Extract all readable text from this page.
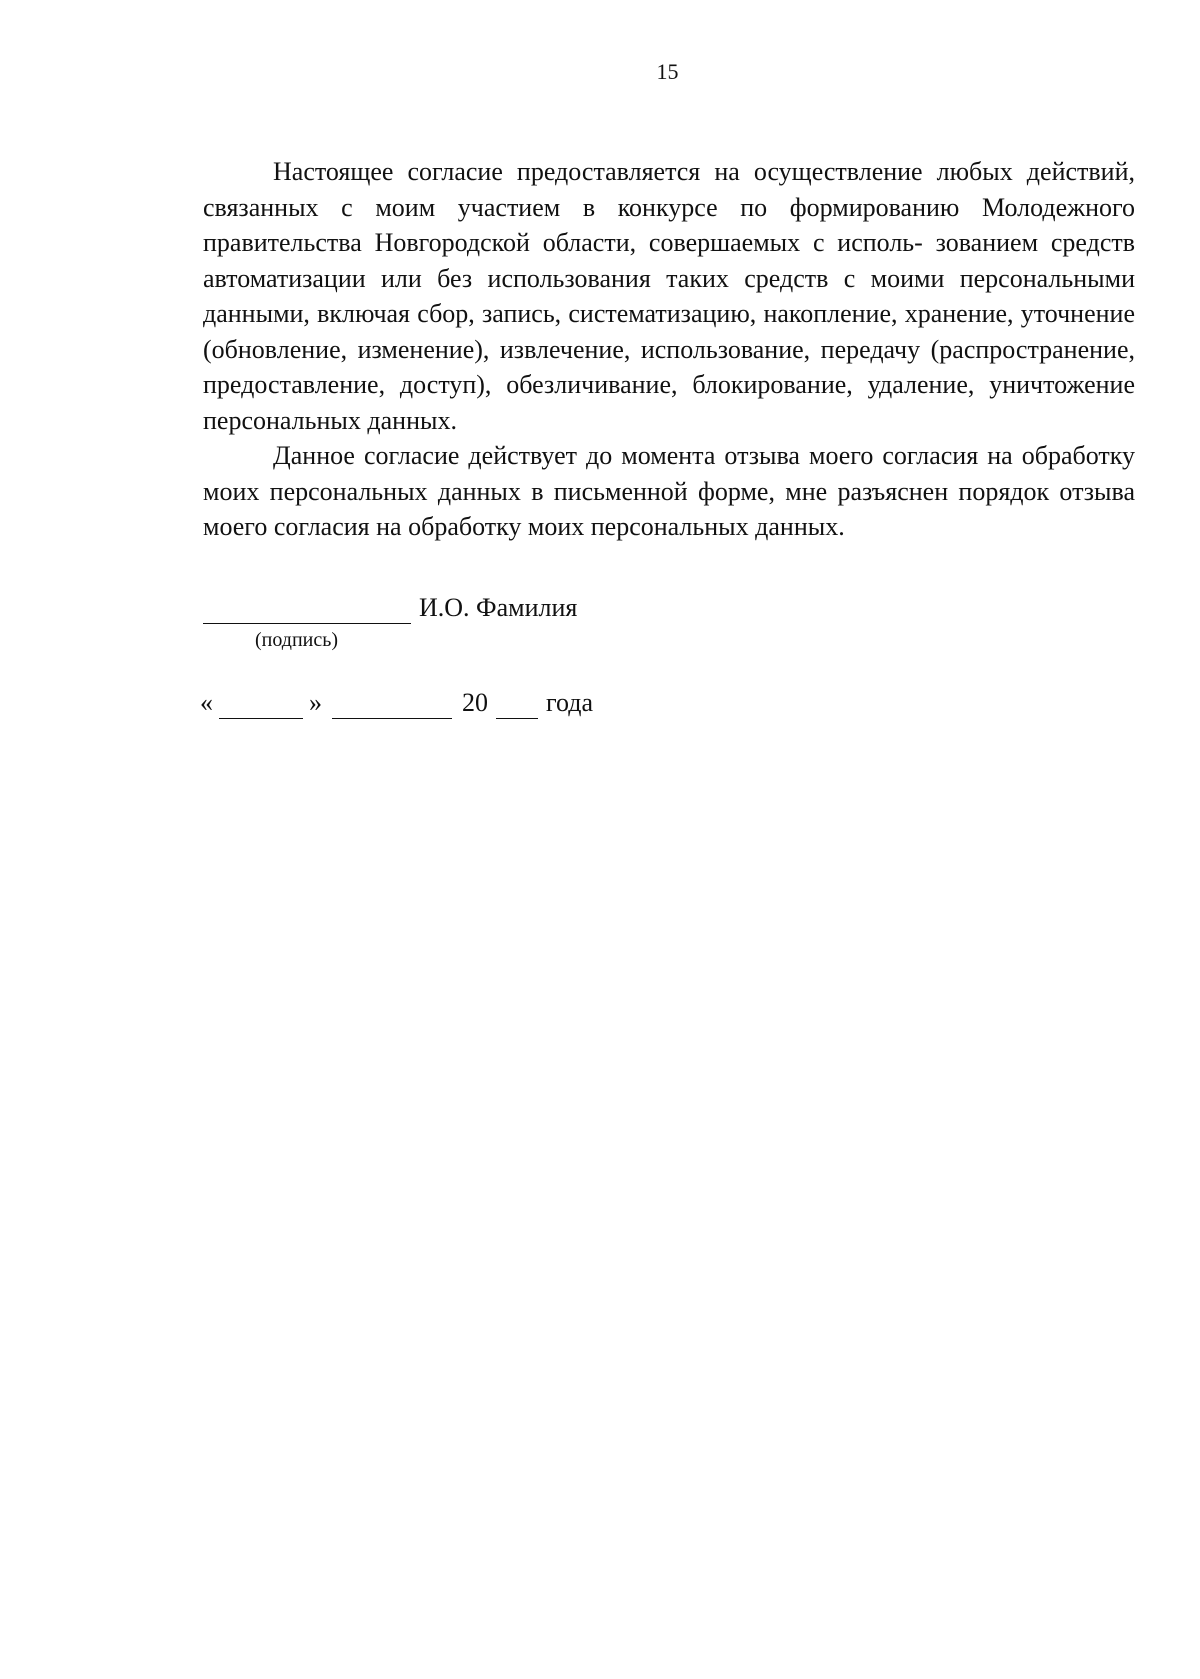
15

Настоящее согласие предоставляется на осуществление любых действий, связанных с моим участием в конкурсе по формированию Молодежного правительства Новгородской области, совершаемых с исполь- зованием средств автоматизации или без использования таких средств с моими персональными данными, включая сбор, запись, систематизацию, накопление, хранение, уточнение (обновление, изменение), извлечение, использование, передачу (распространение, предоставление, доступ), обезличивание, блокирование, удаление, уничтожение персональных данных.

Данное согласие действует до момента отзыва моего согласия на обработку моих персональных данных в письменной форме, мне разъяснен порядок отзыва моего согласия на обработку моих персональных данных.

И.О. Фамилия
(подпись)
«	»	20 года
